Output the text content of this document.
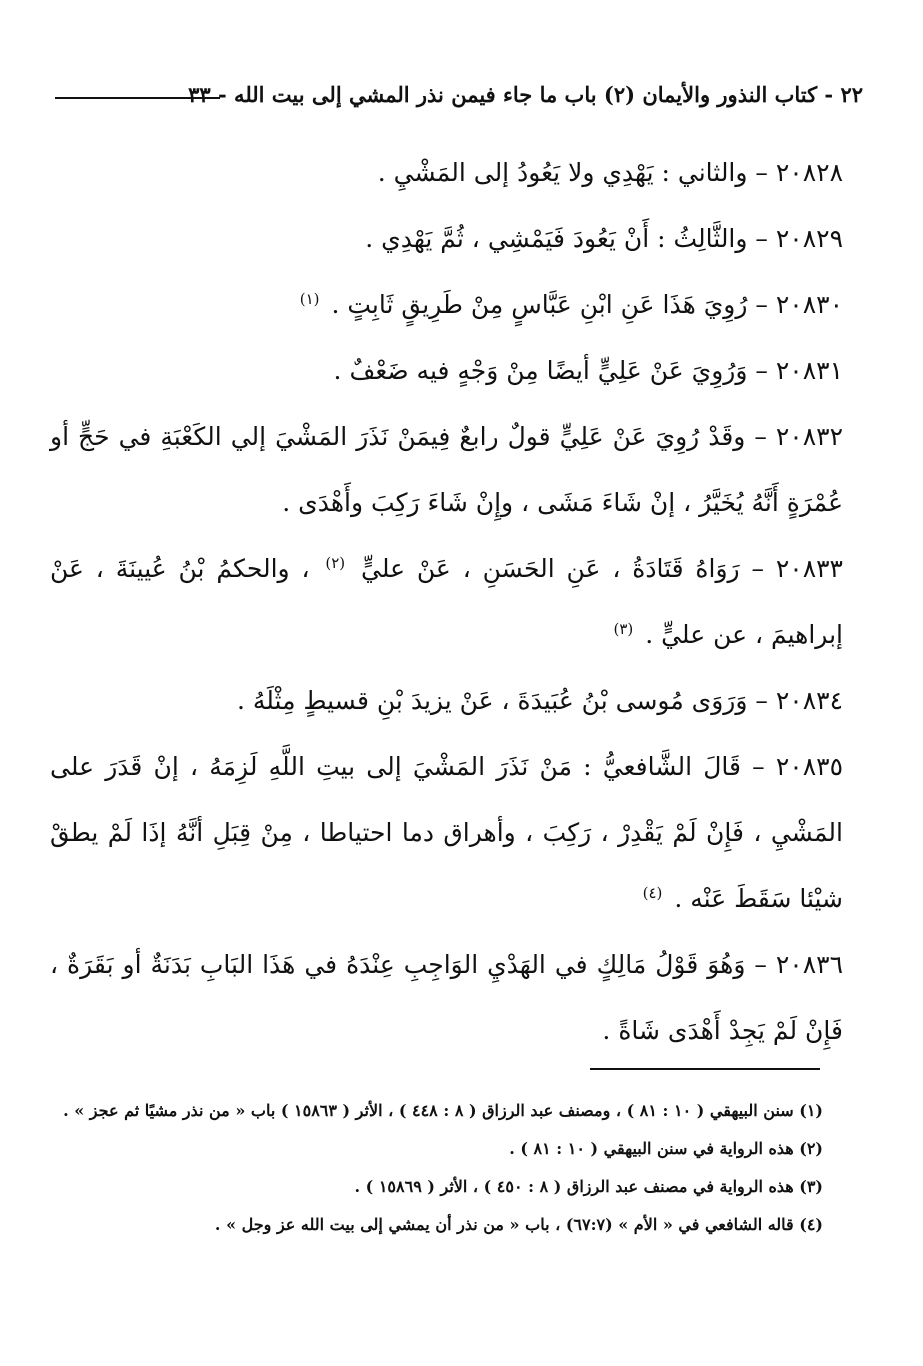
٢٢ - كتاب النذور والأيمان (٢) باب ما جاء فيمن نذر المشي إلى بيت الله - ٣٣

٢٠٨٢٨ – والثاني : يَهْدِي ولا يَعُودُ إلى المَشْيِ .

٢٠٨٢٩ – والثَّالِثُ : أَنْ يَعُودَ فَيَمْشِي ، ثُمَّ يَهْدِي .

٢٠٨٣٠ – رُوِيَ هَذَا عَنِ ابْنِ عَبَّاسٍ مِنْ طَرِيقٍ ثَابِتٍ . $^{(١)}$

٢٠٨٣١ – وَرُوِيَ عَنْ عَلِيٍّ أيضًا مِنْ وَجْهٍ فيه ضَعْفٌ .

٢٠٨٣٢ – وقَدْ رُوِيَ عَنْ عَلِيٍّ قولٌ رابعٌ فِيمَنْ نَذَرَ المَشْيَ إلي الكَعْبَةِ في حَجٍّ أو عُمْرَةٍ أَنَّهُ يُخَيَّرُ ، إنْ شَاءَ مَشَى ، وإِنْ شَاءَ رَكِبَ وأَهْدَى .

٢٠٨٣٣ – رَوَاهُ قَتَادَةُ ، عَنِ الحَسَنِ ، عَنْ عليٍّ $^{(٢)}$ ، والحكمُ بْنُ عُيينَةَ ، عَنْ إبراهيمَ ، عن عليٍّ . $^{(٣)}$

٢٠٨٣٤ – وَرَوَى مُوسى بْنُ عُبَيدَةَ ، عَنْ يزيدَ بْنِ قسيطٍ مِثْلَهُ .

٢٠٨٣٥ – قَالَ الشَّافعيُّ : مَنْ نَذَرَ المَشْيَ إلى بيتِ اللَّهِ لَزِمَهُ ، إنْ قَدَرَ على المَشْيِ ، فَإِنْ لَمْ يَقْدِرْ ، رَكِبَ ، وأهراق دما احتياطا ، مِنْ قِبَلِ أنَّهُ إذَا لَمْ يطقْ شيْئا سَقَطَ عَنْه . $^{(٤)}$

٢٠٨٣٦ – وَهُوَ قَوْلُ مَالِكٍ في الهَدْيِ الوَاجِبِ عِنْدَهُ في هَذَا البَابِ بَدَنَةٌ أو بَقَرَةٌ ، فَإِنْ لَمْ يَجِدْ أَهْدَى شَاةً .

(١) سنن البيهقي ( ١٠ : ٨١ ) ، ومصنف عبد الرزاق ( ٨ : ٤٤٨ ) ، الأثر ( ١٥٨٦٣ ) باب « من نذر مشيًا ثم عجز » .

(٢) هذه الرواية في سنن البيهقي ( ١٠ : ٨١ ) .

(٣) هذه الرواية في مصنف عبد الرزاق ( ٨ : ٤٥٠ ) ، الأثر ( ١٥٨٦٩ ) .

(٤) قاله الشافعي في « الأم » (٦٧:٧) ، باب « من نذر أن يمشي إلى بيت الله عز وجل » .
